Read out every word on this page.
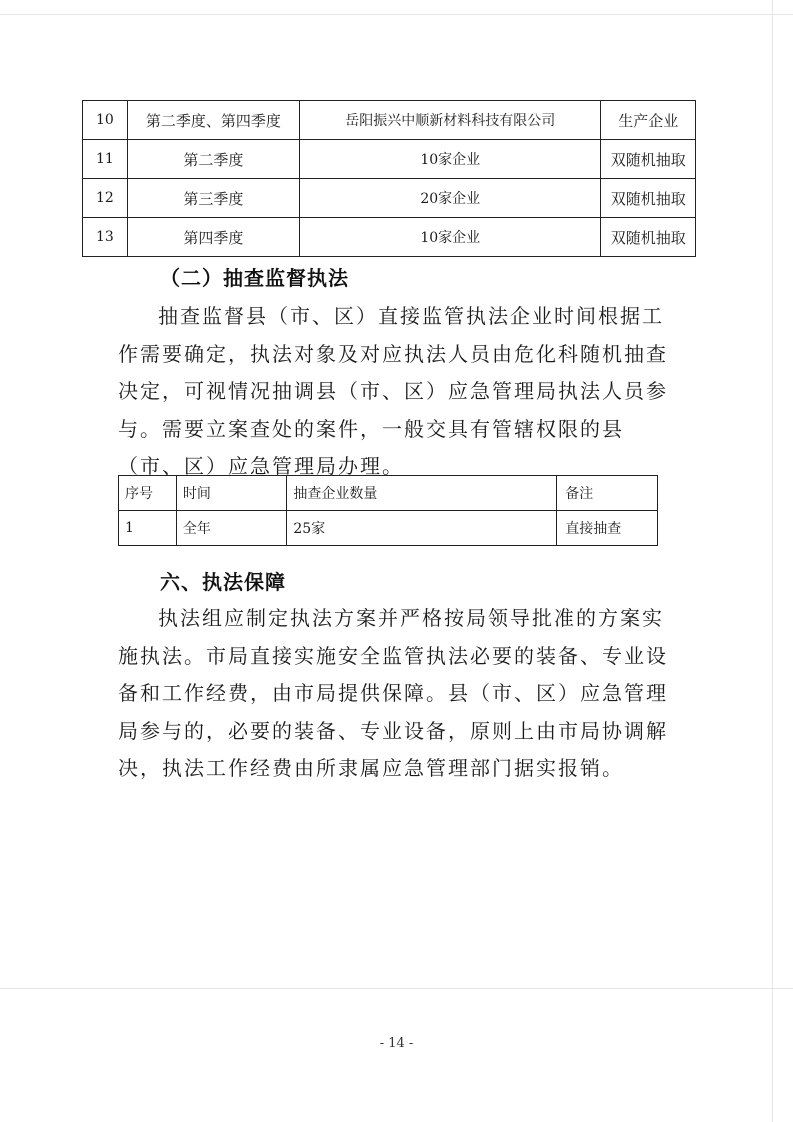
10	第二季度、第四季度	岳阳振兴中顺新材料科技有限公司	生产企业
11	第二季度	10家企业	双随机抽取
12	第三季度	20家企业	双随机抽取
13	第四季度	10家企业	双随机抽取
（二）抽查监督执法
抽查监督县（市、区）直接监管执法企业时间根据工作需要确定，执法对象及对应执法人员由危化科随机抽查决定，可视情况抽调县（市、区）应急管理局执法人员参与。需要立案查处的案件，一般交具有管辖权限的县（市、区）应急管理局办理。
序号	时间	抽查企业数量	备注
1	全年	25家	直接抽查
六、执法保障
执法组应制定执法方案并严格按局领导批准的方案实施执法。市局直接实施安全监管执法必要的装备、专业设备和工作经费，由市局提供保障。县（市、区）应急管理局参与的，必要的装备、专业设备，原则上由市局协调解决，执法工作经费由所隶属应急管理部门据实报销。
- 14 -
